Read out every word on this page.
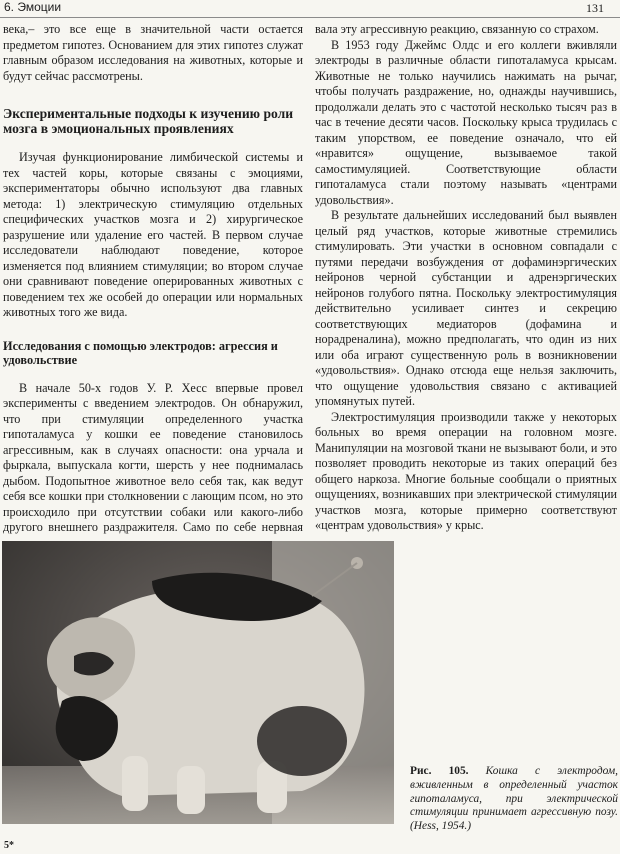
6. Эмоции	131

века,– это все еще в значительной части остается предметом гипотез. Основанием для этих гипотез служат главным образом исследования на животных, которые и будут сейчас рассмотрены.

Экспериментальные подходы к изучению роли мозга в эмоциональных проявлениях

Изучая функционирование лимбической системы и тех частей коры, которые связаны с эмоциями, экспериментаторы обычно используют два главных метода: 1) электрическую стимуляцию отдельных специфических участков мозга и 2) хирургическое разрушение или удаление его частей. В первом случае исследователи наблюдают поведение, которое изменяется под влиянием стимуляции; во втором случае они сравнивают поведение оперированных животных с поведением тех же особей до операции или нормальных животных того же вида.

Исследования с помощью электродов: агрессия и удовольствие

В начале 50-х годов У. Р. Хесс впервые провел эксперименты с введением электродов. Он обнаружил, что при стимуляции определенного участка гипоталамуса у кошки ее поведение становилось агрессивным, как в случаях опасности: она урчала и фыркала, выпускала когти, шерсть у нее поднималась дыбом. Подопытное животное вело себя так, как ведут себя все кошки при столкновении с лающим псом, но это происходило при отсутствии собаки или какого-либо другого внешнего раздражителя. Само по себе нервная

вала эту агрессивную реакцию, связанную со страхом.

В 1953 году Джеймс Олдс и его коллеги вживляли электроды в различные области гипоталамуса крысам. Животные не только научились нажимать на рычаг, чтобы получать раздражение, но, однажды научившись, продолжали делать это с частотой несколько тысяч раз в час в течение десяти часов. Поскольку крыса трудилась с таким упорством, ее поведение означало, что ей «нравится» ощущение, вызываемое такой самостимуляцией. Соответствующие области гипоталамуса стали поэтому называть «центрами удовольствия».

В результате дальнейших исследований был выявлен целый ряд участков, которые животные стремились стимулировать. Эти участки в основном совпадали с путями передачи возбуждения от дофаминэргических нейронов черной субстанции и адренэргических нейронов голубого пятна. Поскольку электростимуляция действительно усиливает синтез и секрецию соответствующих медиаторов (дофамина и норадреналина), можно предполагать, что один из них или оба играют существенную роль в возникновении «удовольствия». Однако отсюда еще нельзя заключить, что ощущение удовольствия связано с активацией упомянутых путей.

Электростимуляция производили также у некоторых больных во время операции на головном мозге. Манипуляции на мозговой ткани не вызывают боли, и это позволяет проводить некоторые из таких операций без общего наркоза. Многие больные сообщали о приятных ощущениях, возникавших при электрической стимуляции участков мозга, которые примерно соответствуют «центрам удовольствия» у крыс.

Рис. 105. Кошка с электродом, вживленным в определенный участок гипоталамуса, при электрической стимуляции принимает агрессивную позу. (Hess, 1954.)
5*
